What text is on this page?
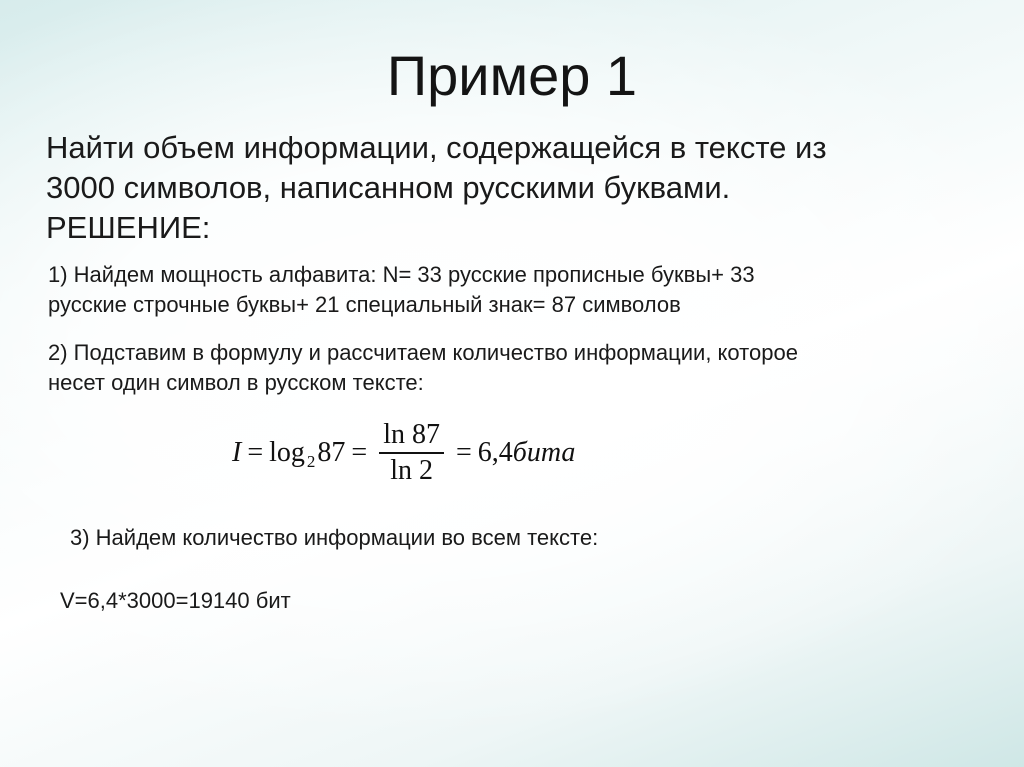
Пример 1
Найти объем информации, содержащейся в тексте из
3000 символов, написанном русскими буквами.
РЕШЕНИЕ:
1) Найдем мощность алфавита: N= 33 русские прописные буквы+ 33
русские строчные буквы+ 21 специальный знак= 87 символов
2) Подставим в формулу и рассчитаем количество информации, которое
несет один символ в русском тексте:
I = log 2 $87 = \frac{\ln 87}{\ln 2} = 6,4$ бита
3) Найдем количество информации во всем тексте:
V=6,4*3000=19140 бит
